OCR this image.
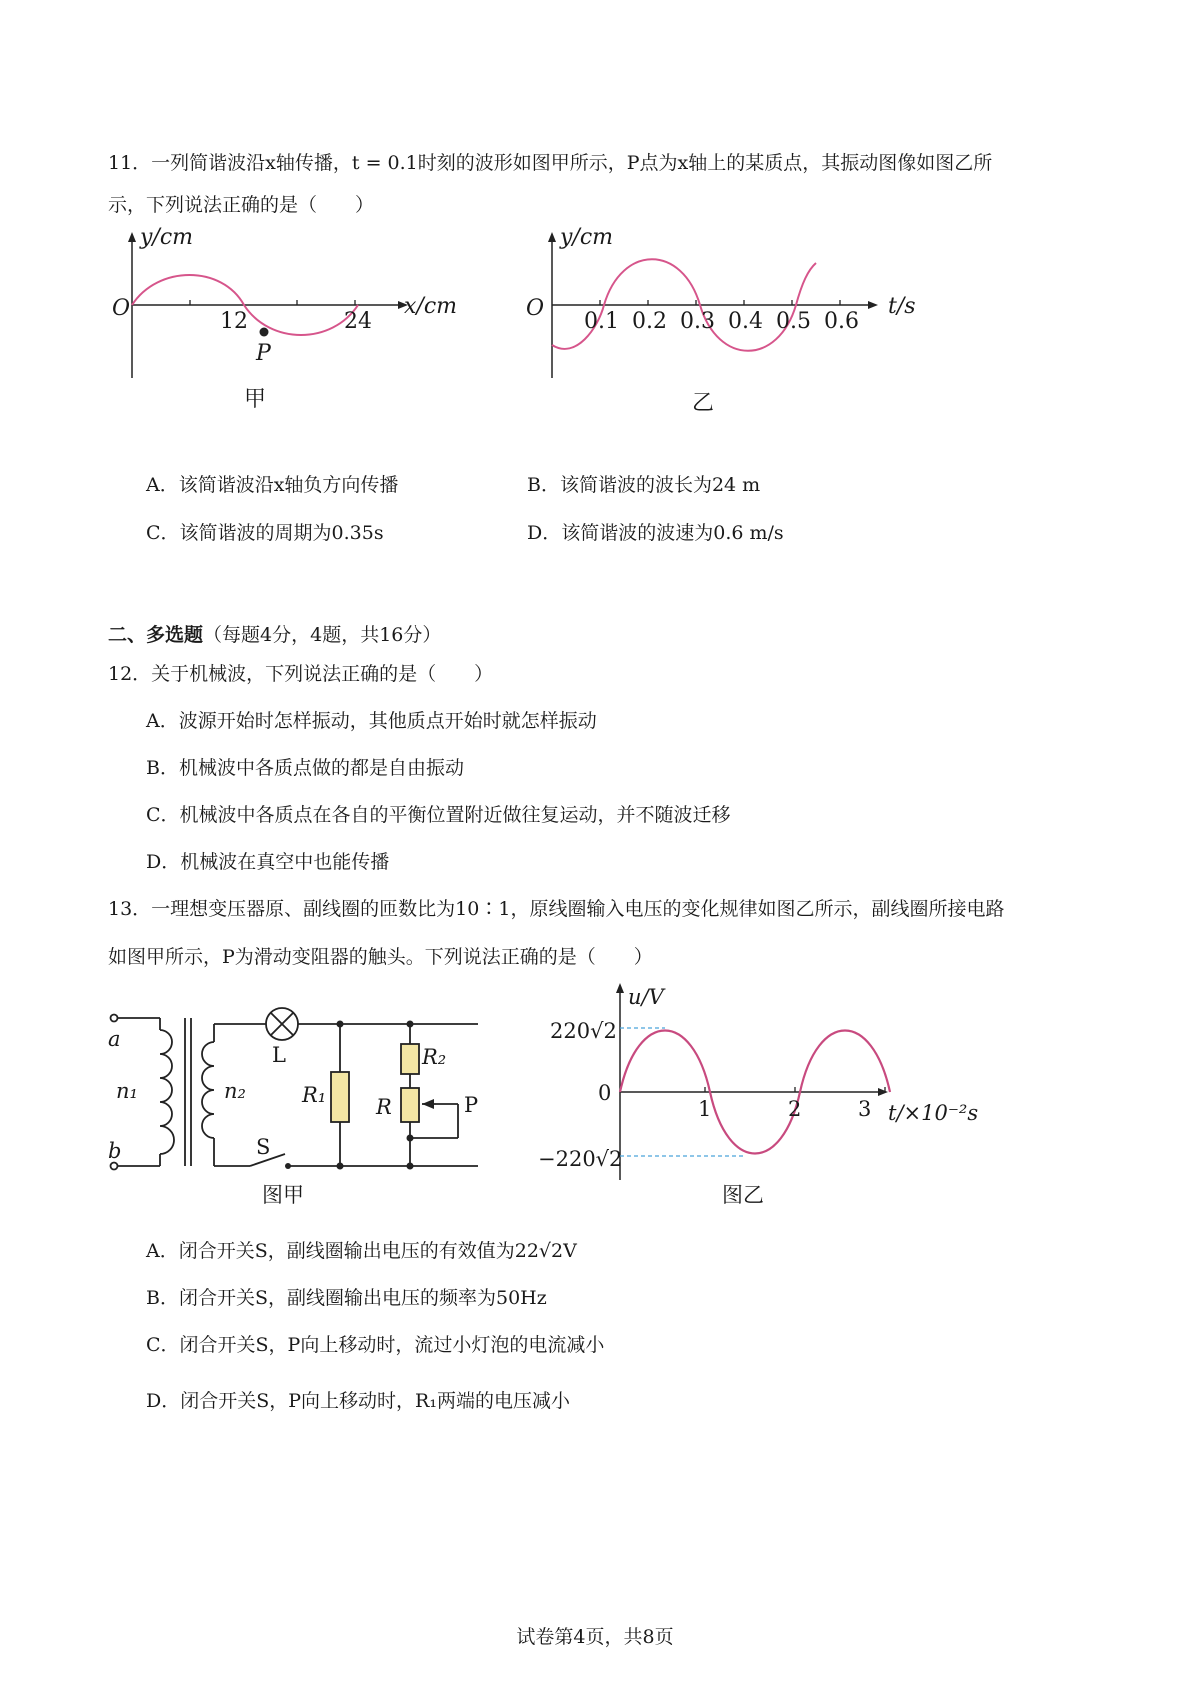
11．一列简谐波沿x轴传播，t = 0.1时刻的波形如图甲所示，P点为x轴上的某质点，其振动图像如图乙所
示，下列说法正确的是（　　）
y/cm
O
12	24
x/cm
P
甲
y/cm
O
0.1 0.2 0.3 0.4 0.5 0.6
t/s
乙
A．该简谐波沿x轴负方向传播	B．该简谐波的波长为24 m
C．该简谐波的周期为0.35s	D．该简谐波的波速为0.6 m/s
二、多选题（每题4分，4题，共16分）
12．关于机械波，下列说法正确的是（　　）
A．波源开始时怎样振动，其他质点开始时就怎样振动
B．机械波中各质点做的都是自由振动
C．机械波中各质点在各自的平衡位置附近做往复运动，并不随波迁移
D．机械波在真空中也能传播
13．一理想变压器原、副线圈的匝数比为10∶1，原线圈输入电压的变化规律如图乙所示，副线圈所接电路
如图甲所示，P为滑动变阻器的触头。下列说法正确的是（　　）
a
b
n₁	n₂	R₁
R₂
R
L
S
P
图甲
u/V
220√2
0
−220√2
1	2	3 t/×10⁻²s
图乙
A．闭合开关S，副线圈输出电压的有效值为22√2V
B．闭合开关S，副线圈输出电压的频率为50Hz
C．闭合开关S，P向上移动时，流过小灯泡的电流减小
D．闭合开关S，P向上移动时，R₁两端的电压减小
试卷第4页，共8页
